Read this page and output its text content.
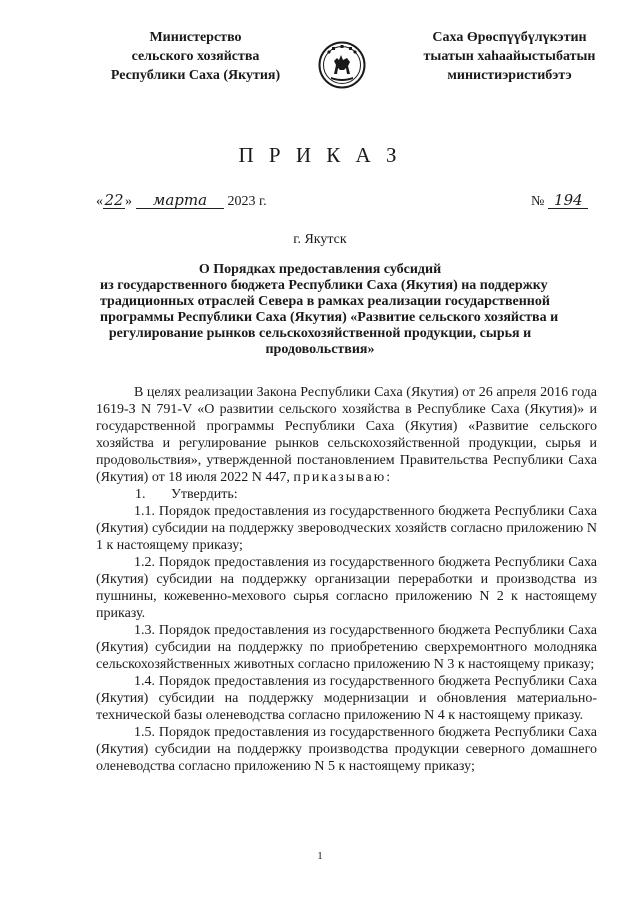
Министерство
сельского хозяйства
Республики Саха (Якутия)
Саха Өрөспүүбүлүкэтин
тыатын хаһаайыстыбатын
министиэристибэтэ
П Р И К А З
«22» марта 2023 г.	№ 194
г. Якутск
О Порядках предоставления субсидий
из государственного бюджета Республики Саха (Якутия) на поддержку
традиционных отраслей Севера в рамках реализации государственной
программы Республики Саха (Якутия) «Развитие сельского хозяйства и
регулирование рынков сельскохозяйственной продукции, сырья и
продовольствия»

В целях реализации Закона Республики Саха (Якутия) от 26 апреля 2016 года 1619-З N 791-V «О развитии сельского хозяйства в Республике Саха (Якутия)» и государственной программы Республики Саха (Якутия) «Развитие сельского хозяйства и регулирование рынков сельскохозяйственной продукции, сырья и продовольствия», утвержденной постановлением Правительства Республики Саха (Якутия) от 18 июля 2022 N 447, приказываю:

1. Утвердить:

1.1. Порядок предоставления из государственного бюджета Республики Саха (Якутия) субсидии на поддержку звероводческих хозяйств согласно приложению N 1 к настоящему приказу;

1.2. Порядок предоставления из государственного бюджета Республики Саха (Якутия) субсидии на поддержку организации переработки и производства из пушнины, кожевенно-мехового сырья согласно приложению N 2 к настоящему приказу.

1.3. Порядок предоставления из государственного бюджета Республики Саха (Якутия) субсидии на поддержку по приобретению сверхремонтного молодняка сельскохозяйственных животных согласно приложению N 3 к настоящему приказу;

1.4. Порядок предоставления из государственного бюджета Республики Саха (Якутия) субсидии на поддержку модернизации и обновления материально-технической базы оленеводства согласно приложению N 4 к настоящему приказу.

1.5. Порядок предоставления из государственного бюджета Республики Саха (Якутия) субсидии на поддержку производства продукции северного домашнего оленеводства согласно приложению N 5 к настоящему приказу;

1
